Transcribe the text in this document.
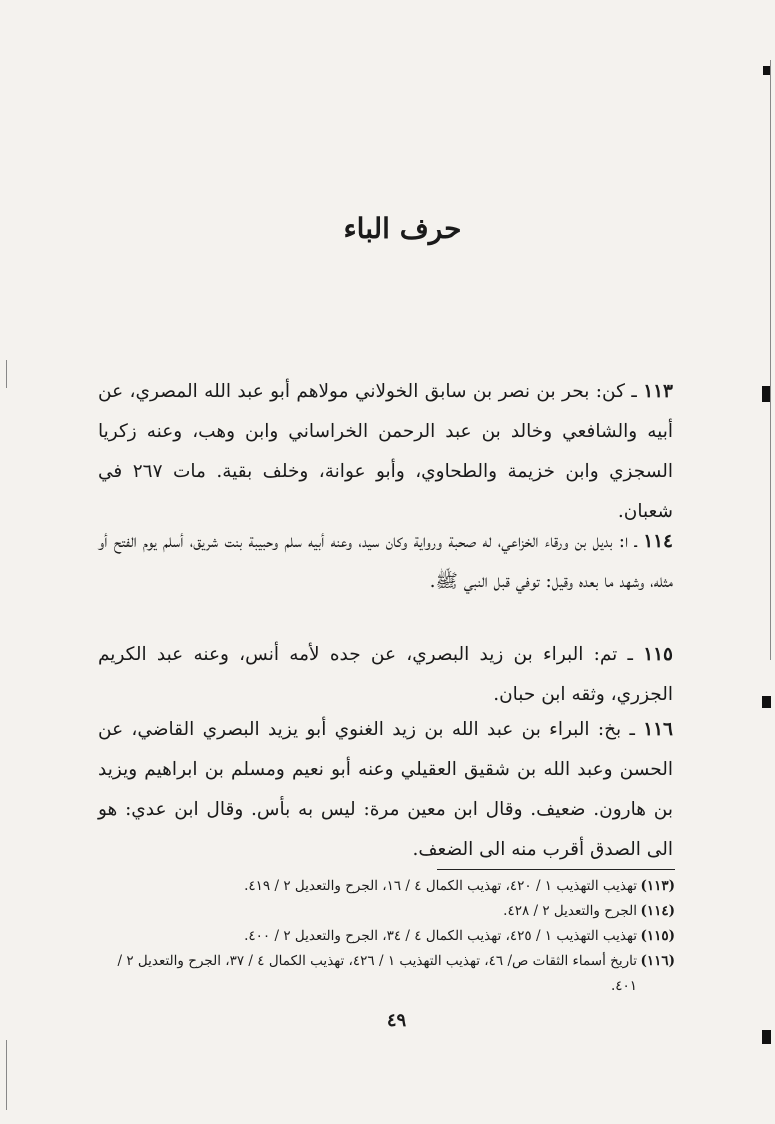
حرف الباء

١١٣ ـ كن: بحر بن نصر بن سابق الخولاني مولاهم أبو عبد الله المصري، عن أبيه والشافعي وخالد بن عبد الرحمن الخراساني وابن وهب، وعنه زكريا السجزي وابن خزيمة والطحاوي، وأبو عوانة، وخلف بقية. مات ٢٦٧ في شعبان.

١١٤ ـ ا: بديل بن ورقاء الخزاعي، له صحبة ورواية وكان سيد، وعنه أبيه سلم وحبيبة بنت شريق، أسلم يوم الفتح أو مثله، وشهد ما بعده وقيل: توفي قبل النبي ﷺ.

١١٥ ـ تم: البراء بن زيد البصري، عن جده لأمه أنس، وعنه عبد الكريم الجزري، وثقه ابن حبان.

١١٦ ـ بخ: البراء بن عبد الله بن زيد الغنوي أبو يزيد البصري القاضي، عن الحسن وعبد الله بن شقيق العقيلي وعنه أبو نعيم ومسلم بن ابراهيم ويزيد بن هارون. ضعيف. وقال ابن معين مرة: ليس به بأس. وقال ابن عدي: هو الى الصدق أقرب منه الى الضعف.

(١١٣)
تهذيب التهذيب ١ / ٤٢٠، تهذيب الكمال ٤ / ١٦، الجرح والتعديل ٢ / ٤١٩.
(١١٤)
الجرح والتعديل ٢ / ٤٢٨.
(١١٥)
تهذيب التهذيب ١ / ٤٢٥، تهذيب الكمال ٤ / ٣٤، الجرح والتعديل ٢ / ٤٠٠.
(١١٦)
تاريخ أسماء الثقات ص/ ٤٦، تهذيب التهذيب ١ / ٤٢٦، تهذيب الكمال ٤ / ٣٧، الجرح والتعديل ٢ / ٤٠١.
٤٩
